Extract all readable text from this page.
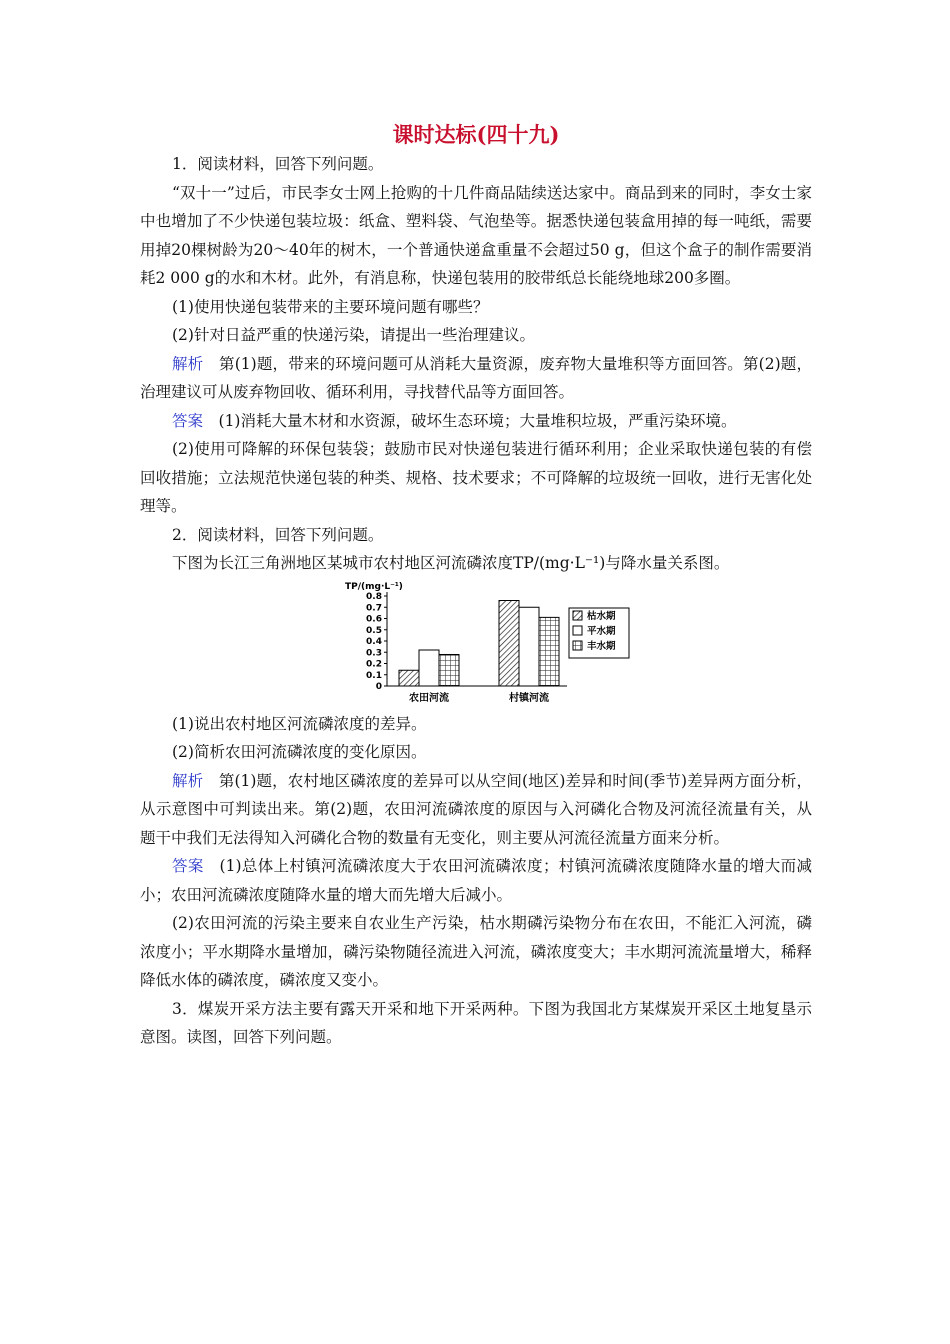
课时达标(四十九)

1．阅读材料，回答下列问题。

“双十一”过后，市民李女士网上抢购的十几件商品陆续送达家中。商品到来的同时，李女士家中也增加了不少快递包装垃圾：纸盒、塑料袋、气泡垫等。据悉快递包装盒用掉的每一吨纸，需要用掉20棵树龄为20～40年的树木，一个普通快递盒重量不会超过50 g，但这个盒子的制作需要消耗2 000 g的水和木材。此外，有消息称，快递包装用的胶带纸总长能绕地球200多圈。

(1)使用快递包装带来的主要环境问题有哪些？

(2)针对日益严重的快递污染，请提出一些治理建议。

解析　第(1)题，带来的环境问题可从消耗大量资源，废弃物大量堆积等方面回答。第(2)题，治理建议可从废弃物回收、循环利用，寻找替代品等方面回答。

答案　(1)消耗大量木材和水资源，破坏生态环境；大量堆积垃圾，严重污染环境。

(2)使用可降解的环保包装袋；鼓励市民对快递包装进行循环利用；企业采取快递包装的有偿回收措施；立法规范快递包装的种类、规格、技术要求；不可降解的垃圾统一回收，进行无害化处理等。

2．阅读材料，回答下列问题。

下图为长江三角洲地区某城市农村地区河流磷浓度TP/(mg·L⁻¹)与降水量关系图。

TP/(mg·L⁻¹)
0
0.1
0.2
0.3
0.4
0.5
0.6
0.7
0.8
农田河流	村镇河流
枯水期
平水期
丰水期

(1)说出农村地区河流磷浓度的差异。

(2)简析农田河流磷浓度的变化原因。

解析　第(1)题，农村地区磷浓度的差异可以从空间(地区)差异和时间(季节)差异两方面分析，从示意图中可判读出来。第(2)题，农田河流磷浓度的原因与入河磷化合物及河流径流量有关，从题干中我们无法得知入河磷化合物的数量有无变化，则主要从河流径流量方面来分析。

答案　(1)总体上村镇河流磷浓度大于农田河流磷浓度；村镇河流磷浓度随降水量的增大而减小；农田河流磷浓度随降水量的增大而先增大后减小。

(2)农田河流的污染主要来自农业生产污染，枯水期磷污染物分布在农田，不能汇入河流，磷浓度小；平水期降水量增加，磷污染物随径流进入河流，磷浓度变大；丰水期河流流量增大，稀释降低水体的磷浓度，磷浓度又变小。

3．煤炭开采方法主要有露天开采和地下开采两种。下图为我国北方某煤炭开采区土地复垦示意图。读图，回答下列问题。
